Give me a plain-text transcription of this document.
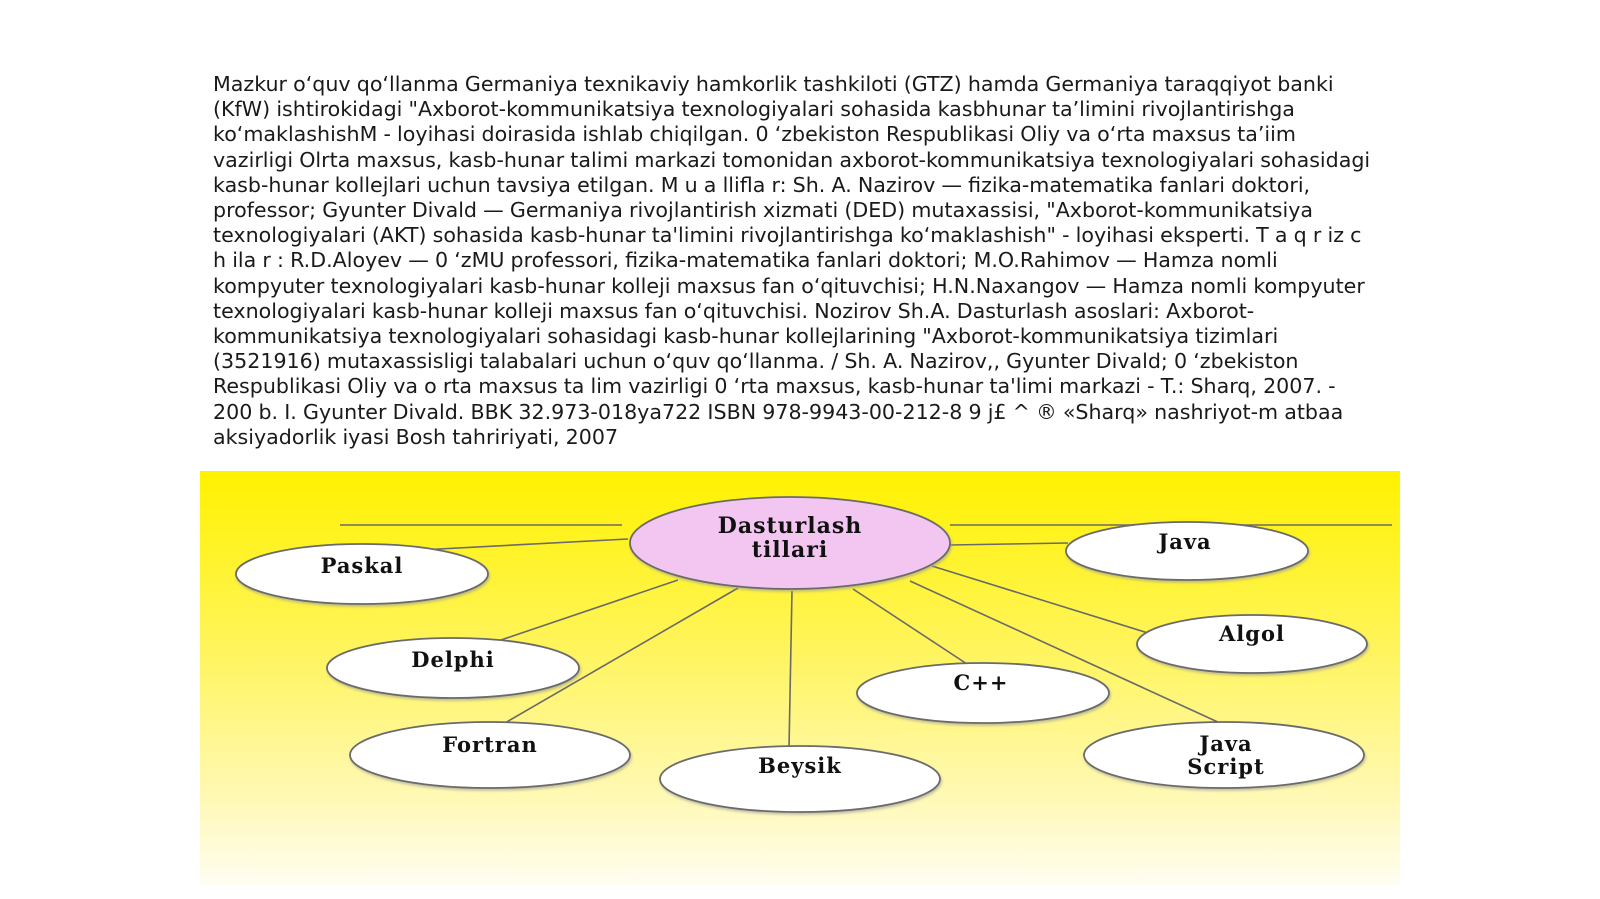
Mazkur o‘quv qo‘llanma Germaniya texnikaviy hamkorlik tashkiloti (GTZ) hamda Germaniya taraqqiyot banki (KfW) ishtirokidagi "Axborot-kommunikatsiya texnologiyalari sohasida kasbhunar ta’limini rivojlantirishga ko‘maklashishM - loyihasi doirasida ishlab chiqilgan. 0 ‘zbekiston Respublikasi Oliy va o‘rta maxsus ta’iim vazirligi Olrta maxsus, kasb-hunar talimi markazi tomonidan axborot-kommunikatsiya texnologiyalari sohasidagi kasb-hunar kollejlari uchun tavsiya etilgan. M u a llifla r: Sh. A. Nazirov — fizika-matematika fanlari doktori, professor; Gyunter Divald — Germaniya rivojlantirish xizmati (DED) mutaxassisi, "Axborot-kommunikatsiya texnologiyalari (AKT) sohasida kasb-hunar ta'limini rivojlantirishga ko‘maklashish" - loyihasi eksperti. T a q r iz c h ila r : R.D.Aloyev — 0 ‘zMU professori, fizika-matematika fanlari doktori; M.O.Rahimov — Hamza nomli kompyuter texnologiyalari kasb-hunar kolleji maxsus fan o‘qituvchisi; H.N.Naxangov — Hamza nomli kompyuter texnologiyalari kasb-hunar kolleji maxsus fan o‘qituvchisi. Nozirov Sh.A. Dasturlash asoslari: Axborot-kommunikatsiya texnologiyalari sohasidagi kasb-hunar kollejlarining "Axborot-kommunikatsiya tizimlari (3521916) mutaxassisligi talabalari uchun o‘quv qo‘llanma. / Sh. A. Nazirov,, Gyunter Divald; 0 ‘zbekiston Respublikasi Oliy va o rta maxsus ta lim vazirligi 0 ‘rta maxsus, kasb-hunar ta'limi markazi - T.: Sharq, 2007. - 200 b. I. Gyunter Divald. BBK 32.973-018ya722 ISBN 978-9943-00-212-8 9 j£ ^ ® «Sharq» nashriyot-m atbaa aksiyadorlik iyasi Bosh tahririyati, 2007

Dasturlash
tillari
Paskal
Java
Delphi
Algol
C++
Fortran
Beysik
Java
Script
